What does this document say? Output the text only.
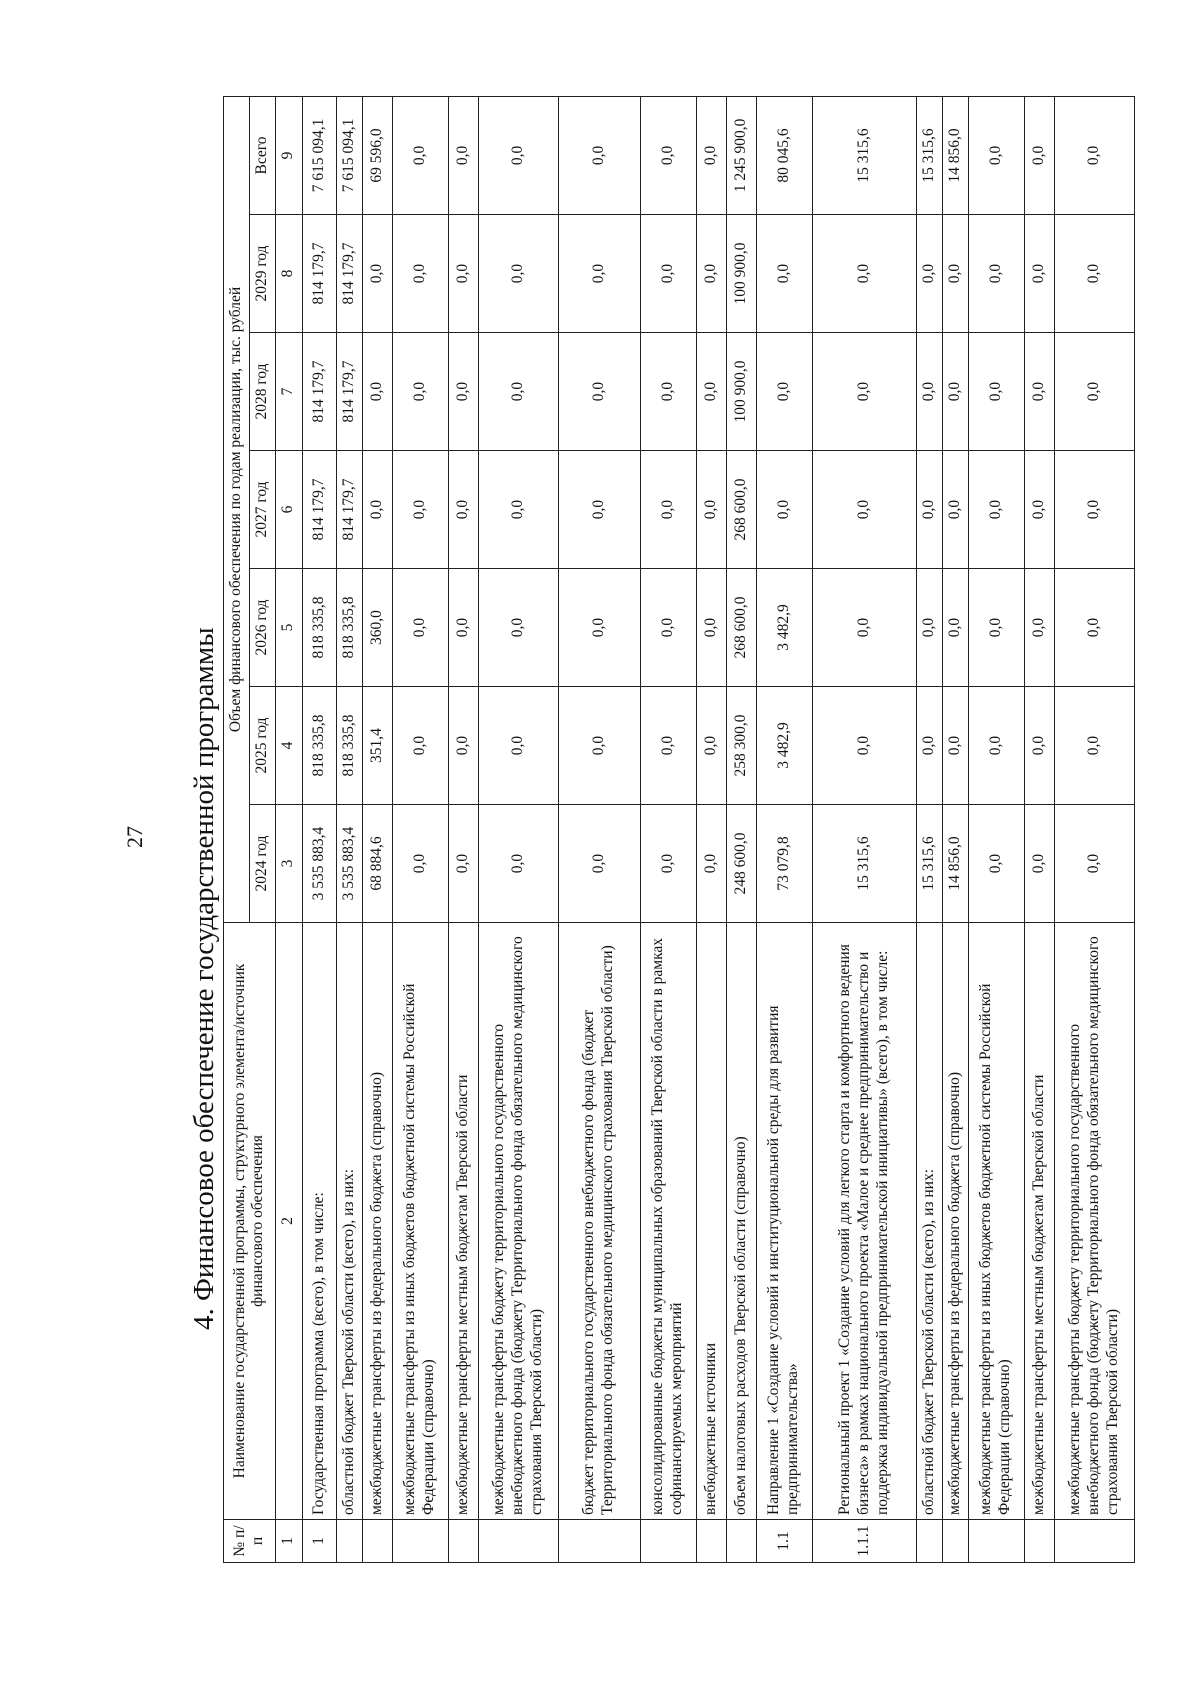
27 4. Финансовое обеспечение государственной программы
№ п/п	Наименование государственной программы, структурного элемента/источник финансового обеспечения	Объем финансового обеспечения по годам реализации, тыс. рублей						
		2024 год	2025 год	2026 год	2027 год	2028 год	2029 год	Всего
1	2	3	4	5	6	7	8	9
1	Государственная программа (всего), в том числе:	3 535 883,4	818 335,8	818 335,8	814 179,7	814 179,7	814 179,7	7 615 094,1
	областной бюджет Тверской области (всего), из них:	3 535 883,4	818 335,8	818 335,8	814 179,7	814 179,7	814 179,7	7 615 094,1
	межбюджетные трансферты из федерального бюджета (справочно)	68 884,6	351,4	360,0	0,0	0,0	0,0	69 596,0
	межбюджетные трансферты из иных бюджетов бюджетной системы Российской Федерации (справочно)	0,0	0,0	0,0	0,0	0,0	0,0	0,0
	межбюджетные трансферты местным бюджетам Тверской области	0,0	0,0	0,0	0,0	0,0	0,0	0,0
	межбюджетные трансферты бюджету территориального государственного внебюджетного фонда (бюджету Территориального фонда обязательного медицинского страхования Тверской области)	0,0	0,0	0,0	0,0	0,0	0,0	0,0
	бюджет территориального государственного внебюджетного фонда (бюджет Территориального фонда обязательного медицинского страхования Тверской области)	0,0	0,0	0,0	0,0	0,0	0,0	0,0
	консолидированные бюджеты муниципальных образований Тверской области в рамках софинансируемых мероприятий	0,0	0,0	0,0	0,0	0,0	0,0	0,0
	внебюджетные источники	0,0	0,0	0,0	0,0	0,0	0,0	0,0
	объем налоговых расходов Тверской области (справочно)	248 600,0	258 300,0	268 600,0	268 600,0	100 900,0	100 900,0	1 245 900,0
1.1	Направление 1 «Создание условий и институциональной среды для развития предпринимательства»	73 079,8	3 482,9	3 482,9	0,0	0,0	0,0	80 045,6
1.1.1	Региональный проект 1 «Создание условий для легкого старта и комфортного ведения бизнеса» в рамках национального проекта «Малое и среднее предпринимательство и поддержка индивидуальной предпринимательской инициативы» (всего), в том числе:	15 315,6	0,0	0,0	0,0	0,0	0,0	15 315,6
	областной бюджет Тверской области (всего), из них:	15 315,6	0,0	0,0	0,0	0,0	0,0	15 315,6
	межбюджетные трансферты из федерального бюджета (справочно)	14 856,0	0,0	0,0	0,0	0,0	0,0	14 856,0
	межбюджетные трансферты из иных бюджетов бюджетной системы Российской Федерации (справочно)	0,0	0,0	0,0	0,0	0,0	0,0	0,0
	межбюджетные трансферты местным бюджетам Тверской области	0,0	0,0	0,0	0,0	0,0	0,0	0,0
	межбюджетные трансферты бюджету территориального государственного внебюджетного фонда (бюджету Территориального фонда обязательного медицинского страхования Тверской области)	0,0	0,0	0,0	0,0	0,0	0,0	0,0
